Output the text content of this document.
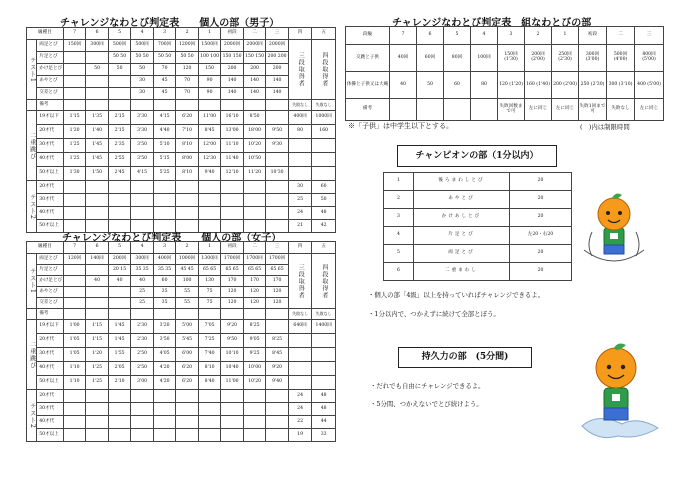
チャレンジなわとび判定表　　個人の部（男子）
級種目		7	6	5	4	3	2	1	初段	二	三	四	五
テスト1	両足とび	150回	300回	500回	500回	700回	1200回	1500回	2000回	2000回	2000回	三段取得者	四段取得者
	片足とび			50 50	50 50	50 50	50 50	100 100	150 150	150 150	200 200		
	かけ足とび		50	50	50	70	120	150	200	200	200		
	あやとび				30	45	70	90	140	140	140		
	交差とび				30	45	70	90	140	140	140		
	備考											失敗なし	失敗なし
二重跳び	19才以下	1'15	1'35	2'15	3'30	4'15	6'20	11'00	16'10	8'50		400回	1000回
	20才代	1'20	1'40	2'15	3'30	4'40	7'10	8'45	13'00	18'00	9'50	80	160
	30才代	1'25	1'45	2'35	3'50	5'10	8'10	12'00	11'10	10'20	9'30		
	40才代	1'25	1'45	2'55	3'50	5'15	8'00	12'30	11'40	10'50			
	50才以上	1'30	1'50	2'45	4'15	5'25	8'10	9'40	12'10	11'20	10'30		
テスト2	20才代											30	60
	30才代											25	50
	40才代											24	48
	50才以上											21	42
チャレンジなわとび判定表　　個人の部（女子）
級種目		7	6	5	4	3	2	1	初段	二	三	四	五
テスト1	両足とび	120回	140回	200回	300回	400回	1000回	1300回	1700回	1700回	1700回	三段取得者	四段取得者
	片足とび			20 15	35 35	35 35	45 45	65 65	65 65	65 65	65 65		
	かけ足とび		40	40	40	60	100	130	170	170	170		
	あやとび				25	35	55	75	120	120	120		
	交差とび				25	35	55	75	120	120	120		
	備考											失敗なし	失敗なし
二重跳び	19才以下	1'00	1'15	1'45	2'30	3'20	5'00	7'05	9'20	8'25		640回	1400回
	20才代	1'05	1'15	1'45	2'30	3'50	5'45	7'25	9'50	9'05	8'25		
	30才代	1'05	1'20	1'55	2'50	4'05	6'00	7'40	10'10	9'25	8'45		
	40才代	1'10	1'25	2'05	2'50	4'20	6'20	8'10	10'40	10'00	9'20		
	50才以上	1'10	1'25	2'10	3'00	4'20	6'20	8'40	11'00	10'20	9'40		
テスト2	20才代											24	48
	30才代											24	48
	40才代											22	44
	50才以上											19	33
チャレンジなわとび判定表　組なわとびの部
段級	7	6	5	4	3	2	1	初段	二	三
交跳と子供	40回	60回	80回	100回	150回 (1'30)	200回 (2'00)	250回 (2'30)	300回 (3'00)	500回 (4'00)	800回 (5'00)
体操と子供又は大縄	40	50	60	80	120 (1'20)	160 (1'40)	200 (2'00)	250 (2'30)	300 (3'10)	400 (5'00)
備考					失敗回数まで可	左に同じ	左に同じ	失敗1回まで可	失敗なし	左に同じ
※「子供」は中学生以下とする。	(　)内は制限時間
チャンピオンの部（1分以内）
1	後ろまわしとび	20
2	あやとび	20
3	かけあしとび	20
4	片足とび	左20・右20
5	両足とび	20
6	二重まわし	20
・個人の部「4級」以上を持っていればチャレンジできるよ。
・1分以内で、つかえずに続けて全部とぼう。
持久力の部　(5分間)
・だれでも自由にチャレンジできるよ。
・5分間、つかえないでとび続けよう。
